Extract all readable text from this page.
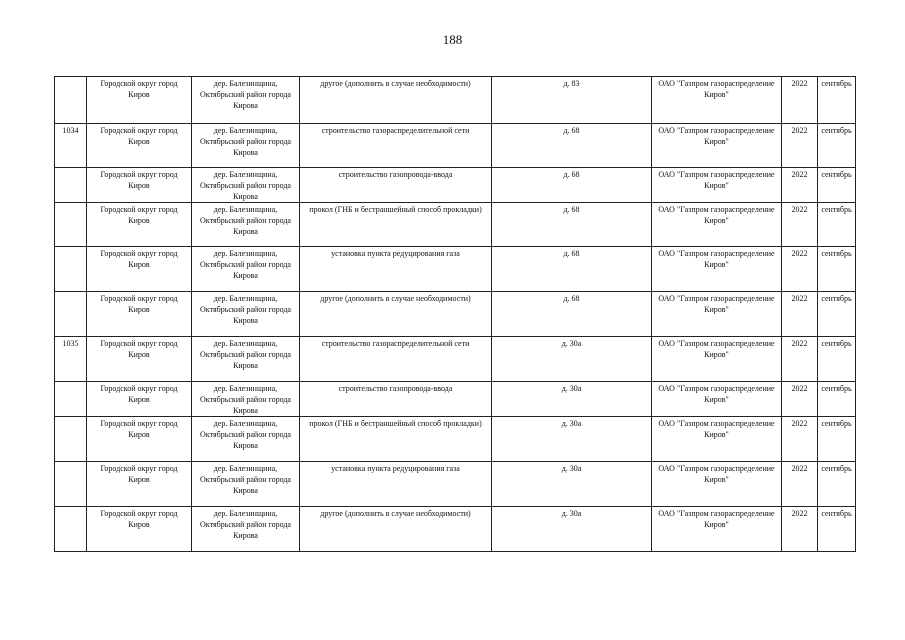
188
	Городской округ город Киров	дер. Балезинщина, Октябрьский район города Кирова	другое (дополнить в случае необходимости)	д. 83	ОАО "Газпром газораспределение Киров"	2022	сентябрь
1034	Городской округ город Киров	дер. Балезинщина, Октябрьский район города Кирова	строительство газораспределительной сети	д. 68	ОАО "Газпром газораспределение Киров"	2022	сентябрь
	Городской округ город Киров	дер. Балезинщина, Октябрьский район города Кирова	строительство газопровода-ввода	д. 68	ОАО "Газпром газораспределение Киров"	2022	сентябрь
	Городской округ город Киров	дер. Балезинщина, Октябрьский район города Кирова	прокол (ГНБ и бестраншейный способ прокладки)	д. 68	ОАО "Газпром газораспределение Киров"	2022	сентябрь
	Городской округ город Киров	дер. Балезинщина, Октябрьский район города Кирова	установка пункта редуцирования газа	д. 68	ОАО "Газпром газораспределение Киров"	2022	сентябрь
	Городской округ город Киров	дер. Балезинщина, Октябрьский район города Кирова	другое (дополнить в случае необходимости)	д. 68	ОАО "Газпром газораспределение Киров"	2022	сентябрь
1035	Городской округ город Киров	дер. Балезинщина, Октябрьский район города Кирова	строительство газораспределительной сети	д. 30а	ОАО "Газпром газораспределение Киров"	2022	сентябрь
	Городской округ город Киров	дер. Балезинщина, Октябрьский район города Кирова	строительство газопровода-ввода	д. 30а	ОАО "Газпром газораспределение Киров"	2022	сентябрь
	Городской округ город Киров	дер. Балезинщина, Октябрьский район города Кирова	прокол (ГНБ и бестраншейный способ прокладки)	д. 30а	ОАО "Газпром газораспределение Киров"	2022	сентябрь
	Городской округ город Киров	дер. Балезинщина, Октябрьский район города Кирова	установка пункта редуцирования газа	д. 30а	ОАО "Газпром газораспределение Киров"	2022	сентябрь
	Городской округ город Киров	дер. Балезинщина, Октябрьский район города Кирова	другое (дополнить в случае необходимости)	д. 30а	ОАО "Газпром газораспределение Киров"	2022	сентябрь
